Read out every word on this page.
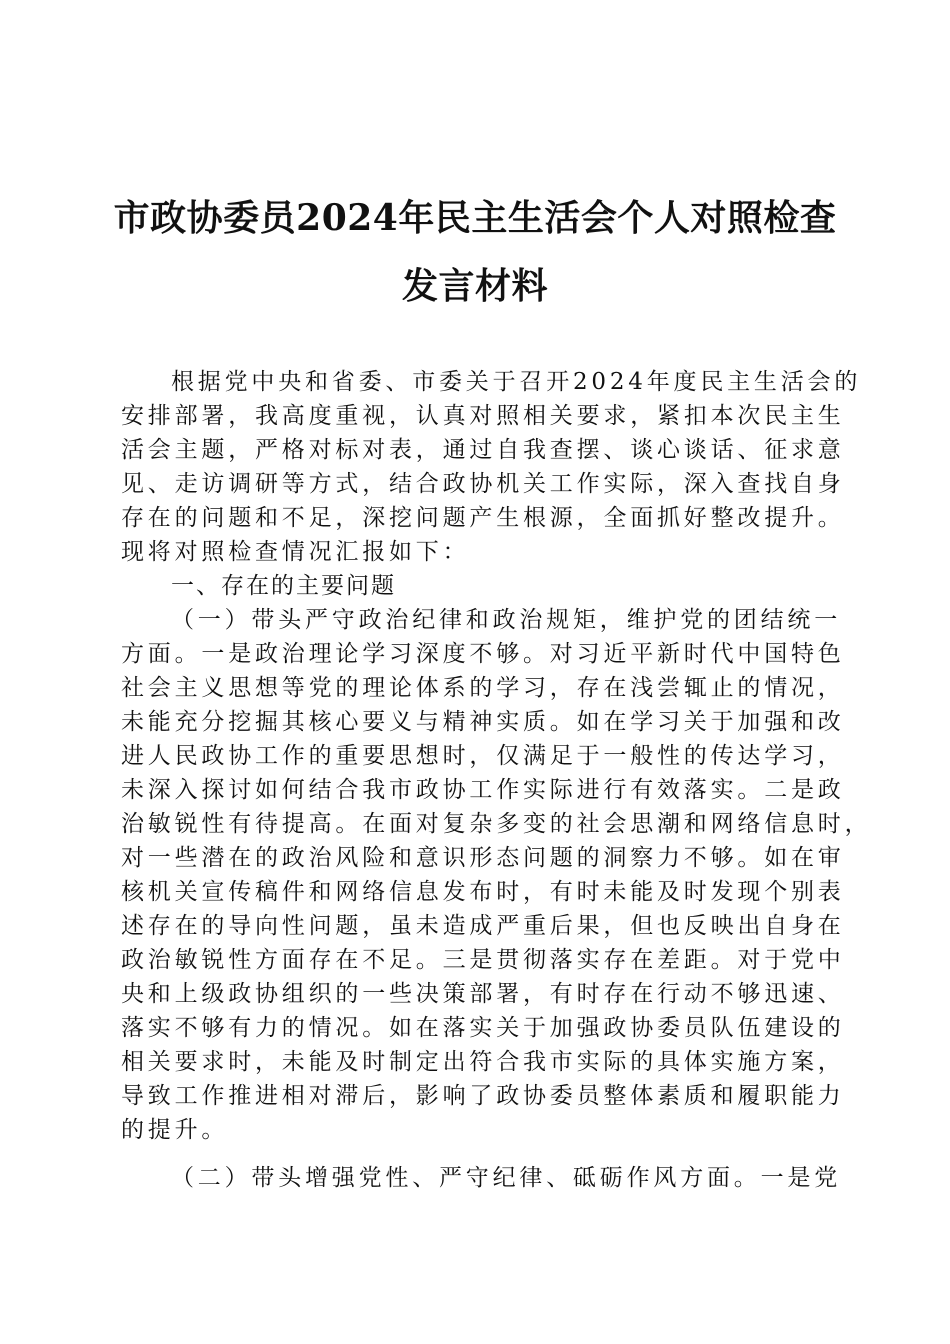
市政协委员2024年民主生活会个人对照检查
发言材料
根据党中央和省委、市委关于召开2024年度民主生活会的
安排部署，我高度重视，认真对照相关要求，紧扣本次民主生
活会主题，严格对标对表，通过自我查摆、谈心谈话、征求意
见、走访调研等方式，结合政协机关工作实际，深入查找自身
存在的问题和不足，深挖问题产生根源，全面抓好整改提升。
现将对照检查情况汇报如下：
一、存在的主要问题
（一）带头严守政治纪律和政治规矩，维护党的团结统一
方面。一是政治理论学习深度不够。对习近平新时代中国特色
社会主义思想等党的理论体系的学习，存在浅尝辄止的情况，
未能充分挖掘其核心要义与精神实质。如在学习关于加强和改
进人民政协工作的重要思想时，仅满足于一般性的传达学习，
未深入探讨如何结合我市政协工作实际进行有效落实。二是政
治敏锐性有待提高。在面对复杂多变的社会思潮和网络信息时，
对一些潜在的政治风险和意识形态问题的洞察力不够。如在审
核机关宣传稿件和网络信息发布时，有时未能及时发现个别表
述存在的导向性问题，虽未造成严重后果，但也反映出自身在
政治敏锐性方面存在不足。三是贯彻落实存在差距。对于党中
央和上级政协组织的一些决策部署，有时存在行动不够迅速、
落实不够有力的情况。如在落实关于加强政协委员队伍建设的
相关要求时，未能及时制定出符合我市实际的具体实施方案，
导致工作推进相对滞后，影响了政协委员整体素质和履职能力
的提升。
（二）带头增强党性、严守纪律、砥砺作风方面。一是党
